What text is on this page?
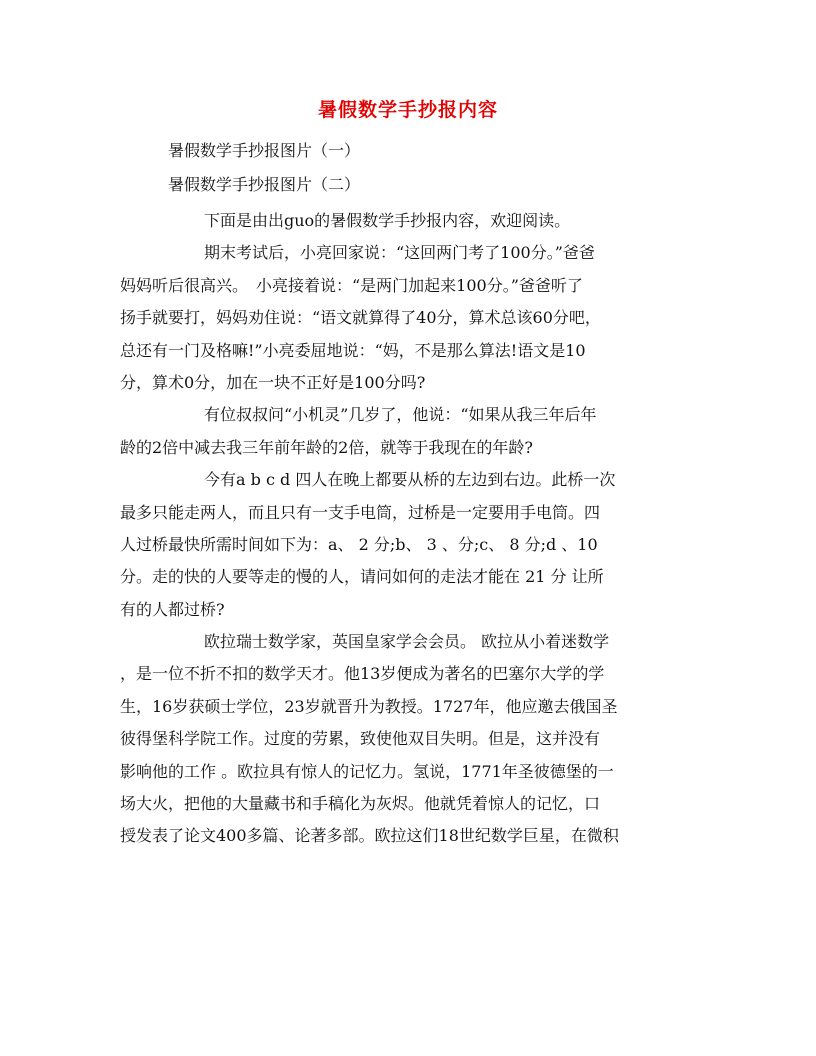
暑假数学手抄报内容
暑假数学手抄报图片（一）
暑假数学手抄报图片（二）
下面是由出guo的暑假数学手抄报内容，欢迎阅读。
期末考试后，小亮回家说：“这回两门考了100分。”爸爸
妈妈听后很高兴。　小亮接着说：“是两门加起来100分。”爸爸听了
扬手就要打，妈妈劝住说：“语文就算得了40分，算术总该60分吧，
总还有一门及格嘛!”小亮委屈地说：“妈，不是那么算法!语文是10
分，算术0分，加在一块不正好是100分吗?
有位叔叔问“小机灵”几岁了，他说：“如果从我三年后年
龄的2倍中减去我三年前年龄的2倍，就等于我现在的年龄?
今有a b c d 四人在晚上都要从桥的左边到右边。此桥一次
最多只能走两人，而且只有一支手电筒，过桥是一定要用手电筒。四
人过桥最快所需时间如下为：a、 2 分;b、 3 、分;c、 8 分;d 、10
分。走的快的人要等走的慢的人，请问如何的走法才能在 21 分 让所
有的人都过桥?
欧拉瑞士数学家，英国皇家学会会员。 欧拉从小着迷数学
，是一位不折不扣的数学天才。他13岁便成为著名的巴塞尔大学的学
生，16岁获硕士学位，23岁就晋升为教授。1727年，他应邀去俄国圣
彼得堡科学院工作。过度的劳累，致使他双目失明。但是，这并没有
影响他的工作 。欧拉具有惊人的记忆力。氢说，1771年圣彼德堡的一
场大火，把他的大量藏书和手稿化为灰烬。他就凭着惊人的记忆，口
授发表了论文400多篇、论著多部。欧拉这们18世纪数学巨星，在微积
